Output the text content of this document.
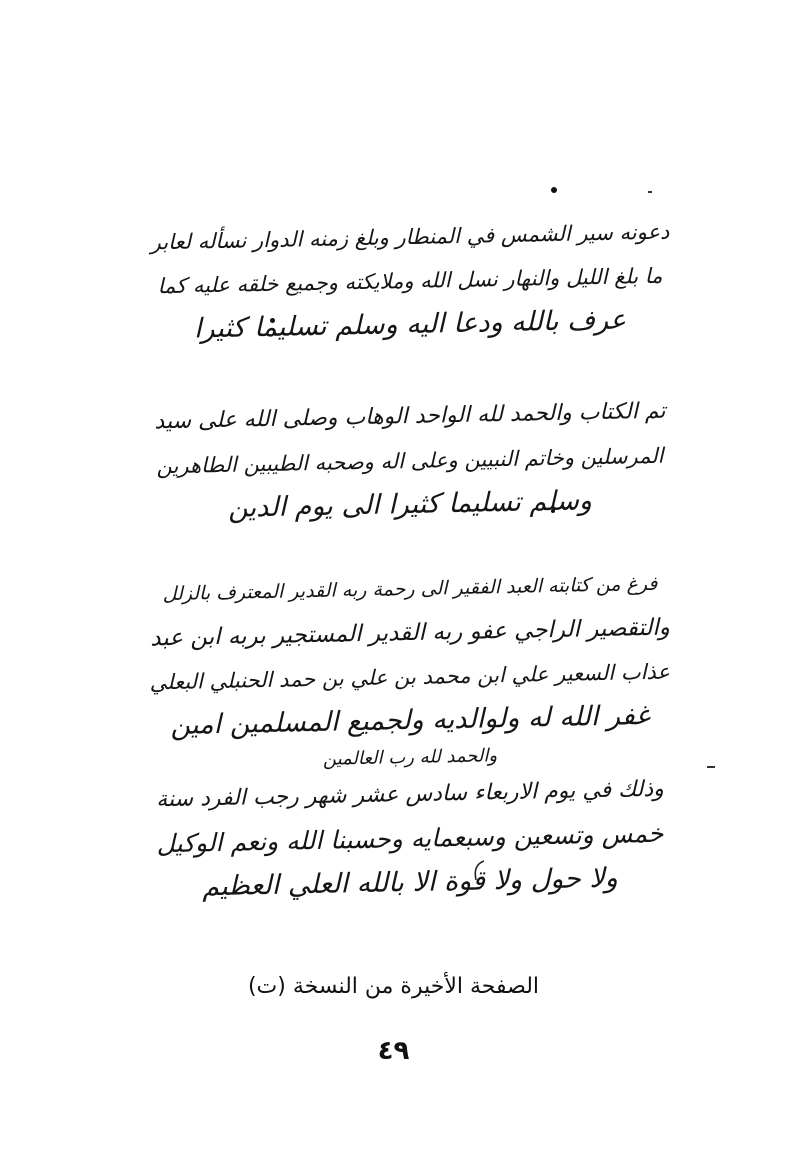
دعونه سير الشمس في المنطار وبلغ زمنه الدوار نسأله لعابر
ما بلغ الليل والنهار نسل الله وملايكته وجميع خلقه عليه كما
عرف بالله ودعا اليه وسلم تسليما كثيرا
تم الكتاب والحمد لله الواحد الوهاب وصلى الله على سيد
المرسلين وخاتم النبيين وعلى اله وصحبه الطيبين الطاهرين
وسلم تسليما كثيرا الى يوم الدين
فرغ من كتابته العبد الفقير الى رحمة ربه القدير المعترف بالزلل
والتقصير الراجي عفو ربه القدير المستجير بربه ابن عبد
عذاب السعير علي ابن محمد بن علي بن حمد الحنبلي البعلي
غفر الله له ولوالديه ولجميع المسلمين امين
والحمد لله رب العالمين
وذلك في يوم الاربعاء سادس عشر شهر رجب الفرد سنة
خمس وتسعين وسبعمايه وحسبنا الله ونعم الوكيل
ولا حول ولا قوة الا بالله العلي العظيم
الصفحة الأخيرة من النسخة (ت)
٤٩
